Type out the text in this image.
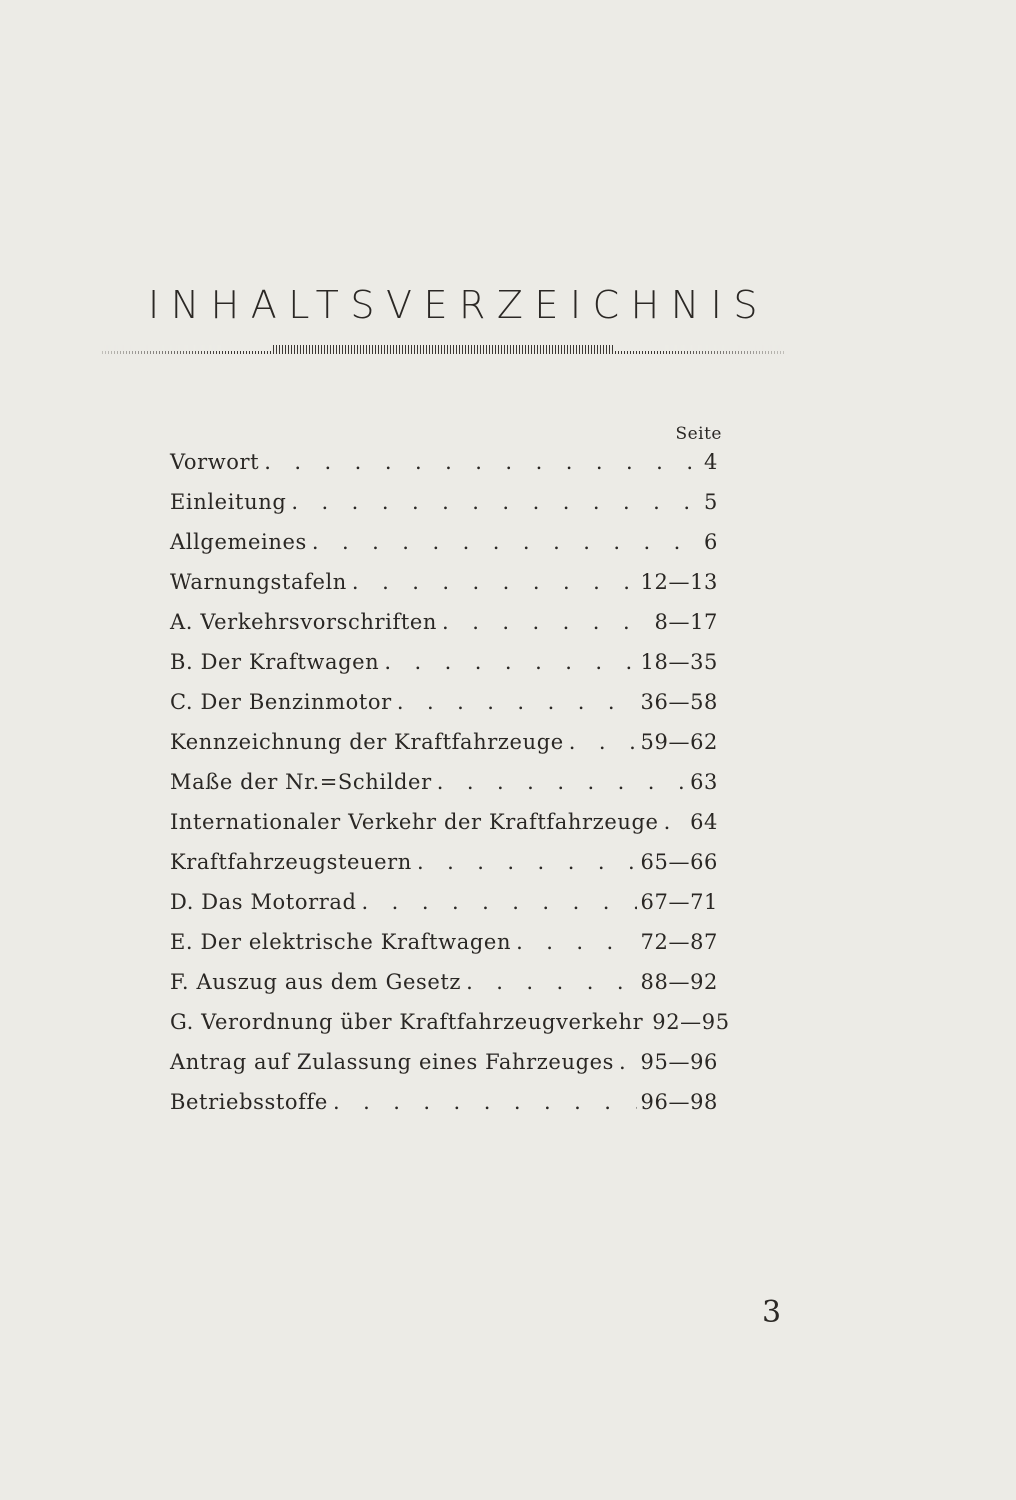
INHALTSVERZEICHNIS
Seite
Vorwort . . .	4
Einleitung . . .	5
Allgemeines . . .	6
Warnungstafeln . . .	12—13
A. Verkehrsvorschriften . . .	8—17
B. Der Kraftwagen . . .	18—35
C. Der Benzinmotor . . .	36—58
Kennzeichnung der Kraftfahrzeuge . . .	59—62
Maße der Nr.=Schilder . . .	63
Internationaler Verkehr der Kraftfahrzeuge . . . 64
Kraftfahrzeugsteuern . . .	65—66
D. Das Motorrad . . .	67—71
E. Der elektrische Kraftwagen . . .	72—87
F. Auszug aus dem Gesetz . . .	88—92
G. Verordnung über Kraftfahrzeugverkehr . . . 92—95
Antrag auf Zulassung eines Fahrzeuges . . . 95—96
Betriebsstoffe . . .	96—98
3
